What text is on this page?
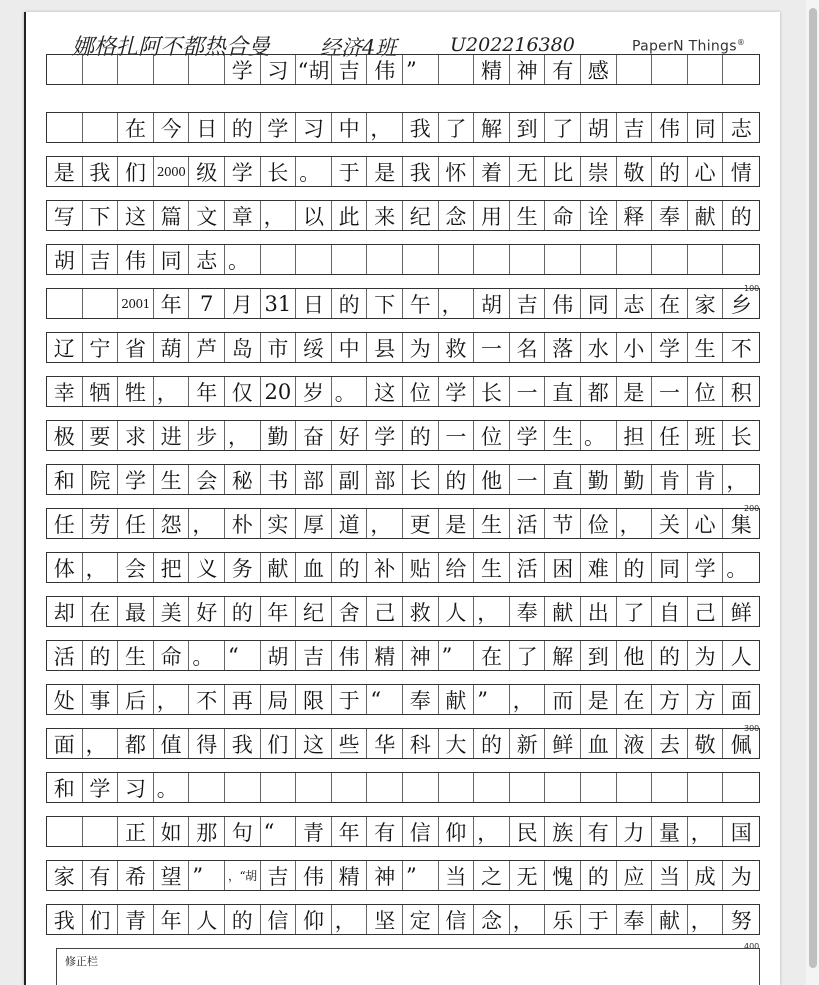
娜格扎阿不都热合曼 经济4班	U202216380	PaperN Things®
学 习 “胡 吉 伟 ”	精 神 有 感
在 今 日 的 学 习 中 ， 我 了 解 到 了 胡 吉 伟 同 志
是 我 们 2000 级 学 长 。 于 是 我 怀 着 无 比 崇 敬 的 心 情
写 下 这 篇 文 章 ， 以 此 来 纪 念 用 生 命 诠 释 奉 献 的
胡 吉 伟 同 志 。
2001 年 7 月 31 日 的 下 午 ， 胡 吉 伟 同 志 在 家 乡
辽 宁 省 葫 芦 岛 市 绥 中 县 为 救 一 名 落 水 小 学 生 不
幸 牺 牲 ， 年 仅 20 岁 。 这 位 学 长 一 直 都 是 一 位 积
极 要 求 进 步 ， 勤 奋 好 学 的 一 位 学 生 。 担 任 班 长
和 院 学 生 会 秘 书 部 副 部 长 的 他 一 直 勤 勤 肯 肯 ，
任 劳 任 怨 ， 朴 实 厚 道 ， 更 是 生 活 节 俭 ， 关 心 集
体 ， 会 把 义 务 献 血 的 补 贴 给 生 活 困 难 的 同 学 。
却 在 最 美 好 的 年 纪 舍 己 救 人 ， 奉 献 出 了 自 己 鲜
活 的 生 命 。 “	胡 吉 伟 精 神 ”	在 了 解 到 他 的 为 人
处 事 后 ， 不 再 局 限 于 “	奉 献 ”	， 而 是 在 方 方 面
面 ， 都 值 得 我 们 这 些 华 科 大 的 新 鲜 血 液 去 敬 佩
和 学 习 。
正 如 那 句 “	青 年 有 信 仰 ， 民 族 有 力 量 ， 国
家 有 希 望 ”	，“胡 吉 伟 精 神 ”	当 之 无 愧 的 应 当 成 为
我 们 青 年 人 的 信 仰 ， 坚 定 信 念 ， 乐 于 奉 献 ， 努
100
200
300
400
修正栏
